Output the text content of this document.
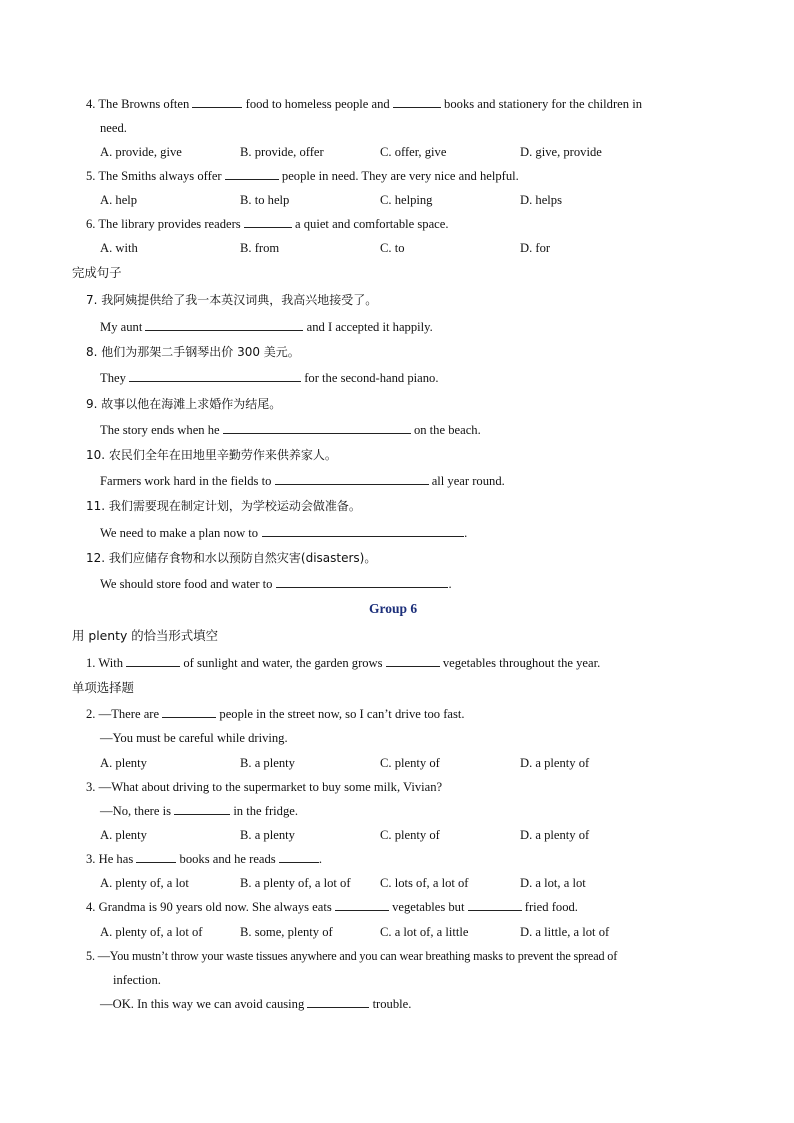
4. The Browns often	food to homeless people and	books and stationery for the children in
need.
A. provide, give	B. provide, offer	C. offer, give	D. give, provide
5. The Smiths always offer	people in need. They are very nice and helpful.
A. help	B. to help	C. helping	D. helps
6. The library provides readers	a quiet and comfortable space.
A. with	B. from	C. to	D. for
完成句子
7. 我阿姨提供给了我一本英汉词典，我高兴地接受了。
My aunt	and I accepted it happily.
8. 他们为那架二手钢琴出价 300 美元。
They	for the second-hand piano.
9. 故事以他在海滩上求婚作为结尾。
The story ends when he	on the beach.
10. 农民们全年在田地里辛勤劳作来供养家人。
Farmers work hard in the fields to	all year round.
11. 我们需要现在制定计划，为学校运动会做准备。
We need to make a plan now to	.
12. 我们应储存食物和水以预防自然灾害(disasters)。
We should store food and water to	.
Group 6
用 plenty 的恰当形式填空
1. With	of sunlight and water, the garden grows	vegetables throughout the year.
单项选择题
2. —There are	people in the street now, so I can’t drive too fast.
—You must be careful while driving.
A. plenty	B. a plenty	C. plenty of	D. a plenty of
3. —What about driving to the supermarket to buy some milk, Vivian?
—No, there is	in the fridge.
A. plenty	B. a plenty	C. plenty of	D. a plenty of
3. He has	books and he reads	.
A. plenty of, a lot	B. a plenty of, a lot of C. lots of, a lot of	D. a lot, a lot
4. Grandma is 90 years old now. She always eats	vegetables but	fried food.
A. plenty of, a lot of	B. some, plenty of	C. a lot of, a little	D. a little, a lot of
5. —You mustn’t throw your waste tissues anywhere and you can wear breathing masks to prevent the spread of
infection.
—OK. In this way we can avoid causing	trouble.
